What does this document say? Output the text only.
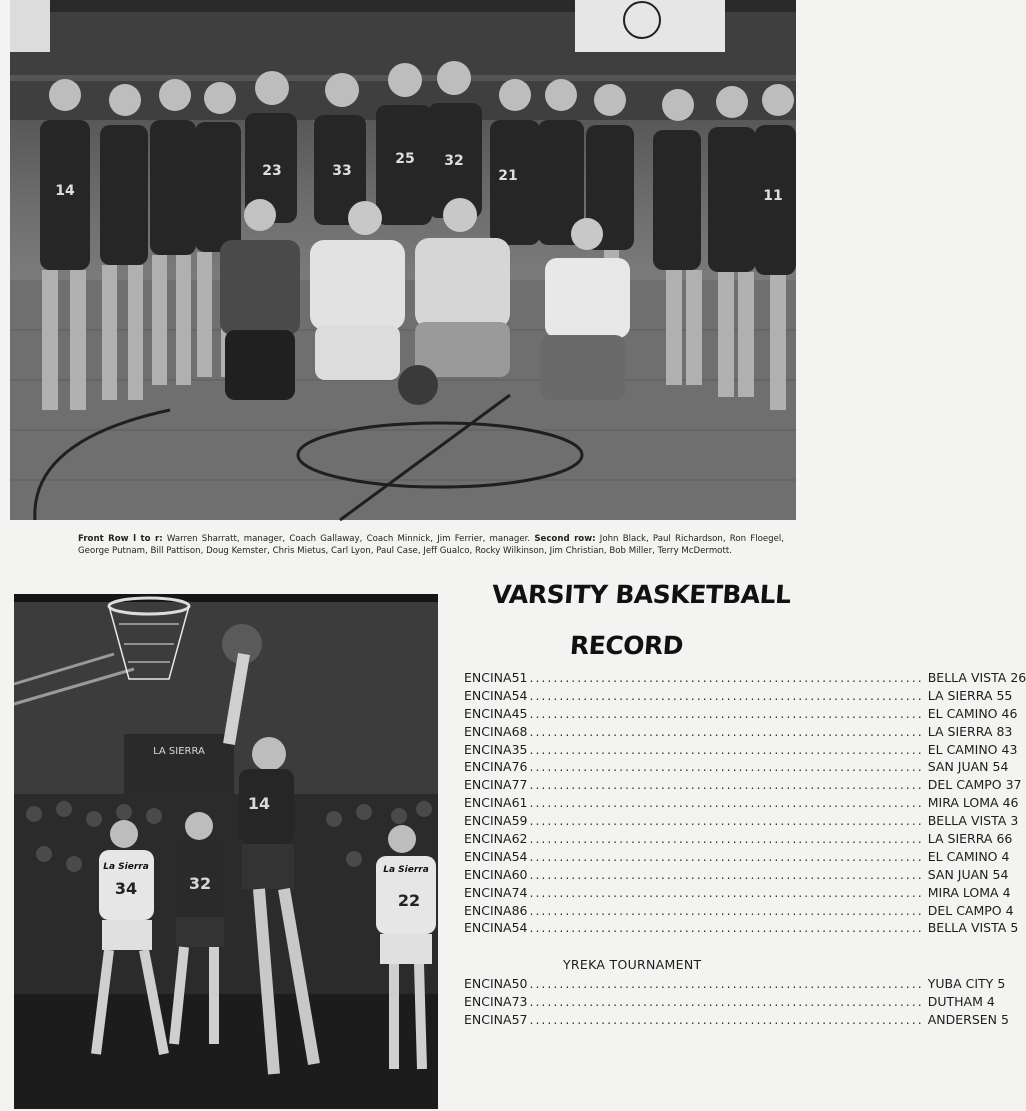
14
23	33
25 32
21
11
Front Row l to r: Warren Sharratt, manager, Coach Gallaway, Coach Minnick, Jim Ferrier, manager. Second row: John Black, Paul Richardson, Ron Floegel, George Putnam, Bill Pattison, Doug Kemster, Chris Mietus, Carl Lyon, Paul Case, Jeff Gualco, Rocky Wilkinson, Jim Christian, Bob Miller, Terry McDermott.
LA SIERRA
La Sierra
34	32
La Sierra
22
14
VARSITY BASKETBALL
RECORD
ENCINA 51 .....	BELLA VISTA 26
ENCINA 54 .....	LA SIERRA 55
ENCINA 45 .....	EL CAMINO 46
ENCINA 68 .....	LA SIERRA 83
ENCINA 35 .....	EL CAMINO 43
ENCINA 76 .....	SAN JUAN 54
ENCINA 77 .....	DEL CAMPO 37
ENCINA 61 .....	MIRA LOMA 46
ENCINA 59 .....	BELLA VISTA 3
ENCINA 62 .....	LA SIERRA 66
ENCINA 54 .....	EL CAMINO 4
ENCINA 60 .....	SAN JUAN 54
ENCINA 74 .....	MIRA LOMA 4
ENCINA 86 .....	DEL CAMPO 4
ENCINA 54 .....	BELLA VISTA 5
YREKA TOURNAMENT
ENCINA 50 .....	YUBA CITY 5
ENCINA 73 .....	DUTHAM 4
ENCINA 57 .....	ANDERSEN 5
